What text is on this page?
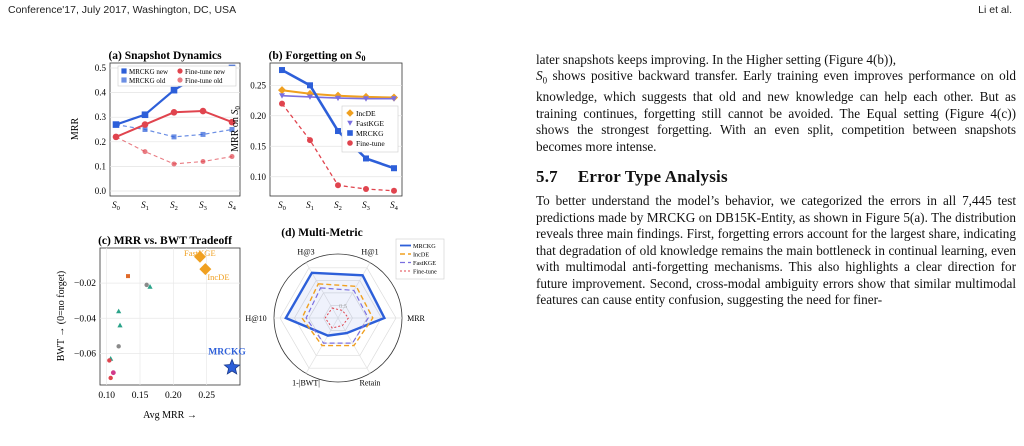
Conference'17, July 2017, Washington, DC, USA	Li et al.
(a) Snapshot Dynamics
0.0
0.1
0.2
0.3
0.4
0.5
$S_0$ $S_1$ $S_2$ $S_3$ $S_4$
MRR
MRCKG new
MRCKG old
Fine-tune new
Fine-tune old
(b) Forgetting on S0
0.10
0.15
0.20
0.25
$S_0$ $S_1$ $S_2$ $S_3$ $S_4$
MRR on $S_0$
IncDE
FastKGE
MRCKG
Fine-tune
(c) MRR vs. BWT Tradeoff
−0.02
−0.04
−0.06
0.10 0.15 0.20 0.25
Avg MRR →
BWT → (0=no forget)
FastKGE
IncDE
MRCKG
(d) Multi-Metric
0.5
H@3	H@1
MRR
Retain
1-|BWT|
H@10
MRCKG
IncDE
FastKGE
Fine-tune

later snapshots keeps improving. In the Higher setting (Figure 4(b)),
$S_0$ shows positive backward transfer. Early training even improves performance on old knowledge, which suggests that old and new knowledge can help each other. But as training continues, forgetting still cannot be avoided. The Equal setting (Figure 4(c)) shows the strongest forgetting. With an even split, competition between snapshots becomes more intense.

5.7 Error Type Analysis

To better understand the model’s behavior, we categorized the errors in all 7,445 test predictions made by MRCKG on DB15K-Entity, as shown in Figure 5(a). The distribution reveals three main findings. First, forgetting errors account for the largest share, indicating that degradation of old knowledge remains the main bottleneck in continual learning, even with multimodal anti-forgetting mechanisms. This also highlights a clear direction for future improvement. Second, cross-modal ambiguity errors show that similar multimodal features can cause entity confusion, suggesting the need for finer-
